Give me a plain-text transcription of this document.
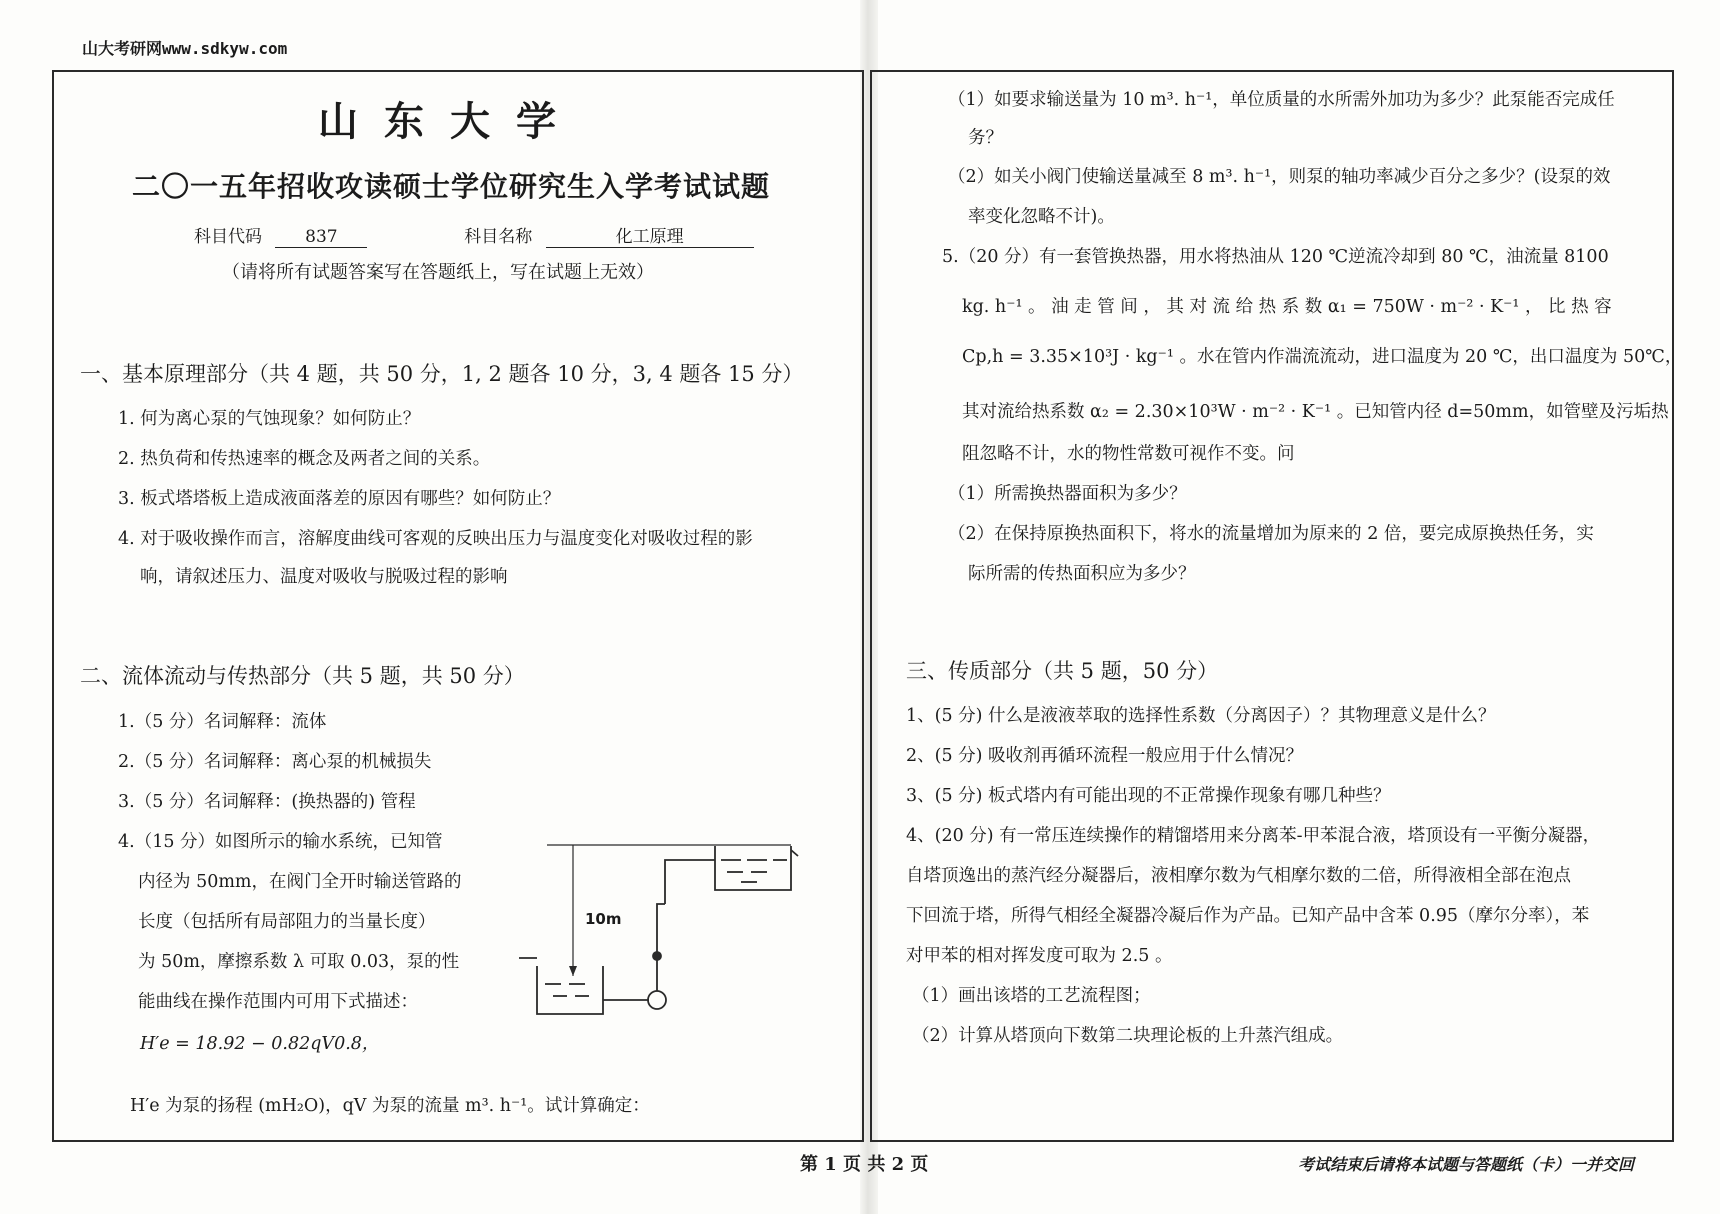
山大考研网www.sdkyw.com
山东大学
二〇一五年招收攻读硕士学位研究生入学考试试题
科目代码	837	科目名称	化工原理
（请将所有试题答案写在答题纸上，写在试题上无效）
一、基本原理部分（共 4 题，共 50 分，1, 2 题各 10 分，3, 4 题各 15 分）
1. 何为离心泵的气蚀现象？如何防止？
2. 热负荷和传热速率的概念及两者之间的关系。
3. 板式塔塔板上造成液面落差的原因有哪些？如何防止？
4. 对于吸收操作而言，溶解度曲线可客观的反映出压力与温度变化对吸收过程的影
响，请叙述压力、温度对吸收与脱吸过程的影响
二、流体流动与传热部分（共 5 题，共 50 分）
1.（5 分）名词解释：流体
2.（5 分）名词解释：离心泵的机械损失
3.（5 分）名词解释：(换热器的) 管程
4.（15 分）如图所示的输水系统，已知管
内径为 50mm，在阀门全开时输送管路的
长度（包括所有局部阻力的当量长度）
为 50m，摩擦系数 λ 可取 0.03，泵的性
能曲线在操作范围内可用下式描述：
H′e = 18.92 − 0.82qV0.8，
H′e 为泵的扬程 (mH₂O)，qV 为泵的流量 m³. h⁻¹。试计算确定：
10m
（1）如要求输送量为 10 m³. h⁻¹，单位质量的水所需外加功为多少？此泵能否完成任
务？
（2）如关小阀门使输送量减至 8 m³. h⁻¹，则泵的轴功率减少百分之多少？(设泵的效
率变化忽略不计)。
5.（20 分）有一套管换热器，用水将热油从 120 ℃逆流冷却到 80 ℃，油流量 8100
kg. h⁻¹ 。 油 走 管 间 ， 其 对 流 给 热 系 数 α₁ = 750W · m⁻² · K⁻¹ ， 比 热 容
Cp,h = 3.35×10³J · kg⁻¹ 。水在管内作湍流流动，进口温度为 20 ℃，出口温度为 50℃，
其对流给热系数 α₂ = 2.30×10³W · m⁻² · K⁻¹ 。已知管内径 d=50mm，如管壁及污垢热
阻忽略不计，水的物性常数可视作不变。问
（1）所需换热器面积为多少？
（2）在保持原换热面积下，将水的流量增加为原来的 2 倍，要完成原换热任务，实
际所需的传热面积应为多少？
三、传质部分（共 5 题，50 分）
1、(5 分) 什么是液液萃取的选择性系数（分离因子）？其物理意义是什么？
2、(5 分) 吸收剂再循环流程一般应用于什么情况？
3、(5 分) 板式塔内有可能出现的不正常操作现象有哪几种些？
4、(20 分) 有一常压连续操作的精馏塔用来分离苯-甲苯混合液，塔顶设有一平衡分凝器，
自塔顶逸出的蒸汽经分凝器后，液相摩尔数为气相摩尔数的二倍，所得液相全部在泡点
下回流于塔，所得气相经全凝器冷凝后作为产品。已知产品中含苯 0.95（摩尔分率），苯
对甲苯的相对挥发度可取为 2.5 。
（1）画出该塔的工艺流程图；
（2）计算从塔顶向下数第二块理论板的上升蒸汽组成。
第 1 页 共 2 页	考试结束后请将本试题与答题纸（卡）一并交回
